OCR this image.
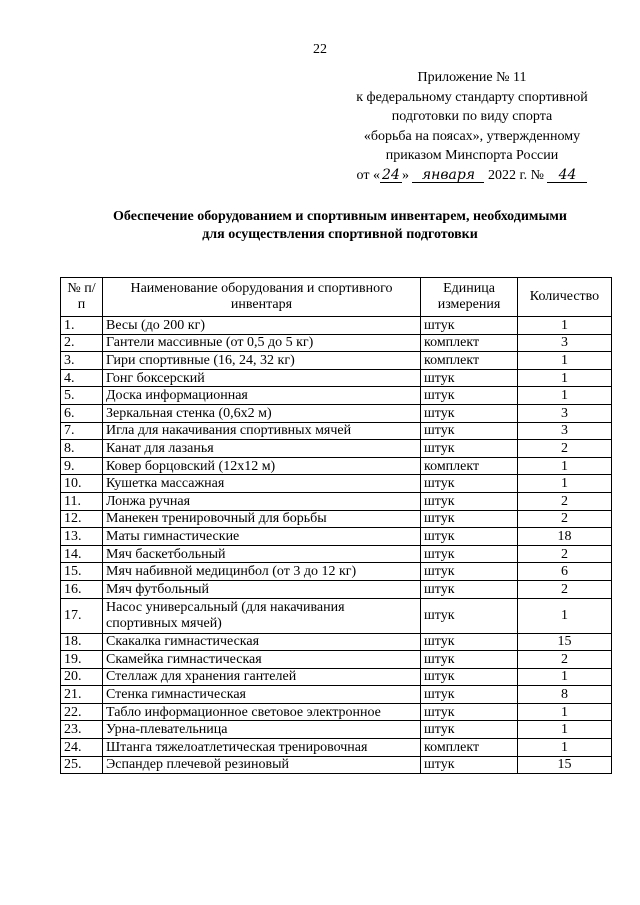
22
Приложение № 11
к федеральному стандарту спортивной
подготовки по виду спорта
«борьба на поясах», утвержденному
приказом Минспорта России
от « 24 » января 2022 г. № 44
Обеспечение оборудованием и спортивным инвентарем, необходимыми
для осуществления спортивной подготовки
№ п/п	Наименование оборудования и спортивного инвентаря	Единица измерения	Количество
1.	Весы (до 200 кг)	штук	1
2.	Гантели массивные (от 0,5 до 5 кг)	комплект	3
3.	Гири спортивные (16, 24, 32 кг)	комплект	1
4.	Гонг боксерский	штук	1
5.	Доска информационная	штук	1
6.	Зеркальная стенка (0,6x2 м)	штук	3
7.	Игла для накачивания спортивных мячей	штук	3
8.	Канат для лазанья	штук	2
9.	Ковер борцовский (12x12 м)	комплект	1
10.	Кушетка массажная	штук	1
11.	Лонжа ручная	штук	2
12.	Манекен тренировочный для борьбы	штук	2
13.	Маты гимнастические	штук	18
14.	Мяч баскетбольный	штук	2
15.	Мяч набивной медицинбол (от 3 до 12 кг)	штук	6
16.	Мяч футбольный	штук	2
17.	Насос универсальный (для накачивания спортивных мячей)	штук	1
18.	Скакалка гимнастическая	штук	15
19.	Скамейка гимнастическая	штук	2
20.	Стеллаж для хранения гантелей	штук	1
21.	Стенка гимнастическая	штук	8
22.	Табло информационное световое электронное	штук	1
23.	Урна-плевательница	штук	1
24.	Штанга тяжелоатлетическая тренировочная	комплект	1
25.	Эспандер плечевой резиновый	штук	15
